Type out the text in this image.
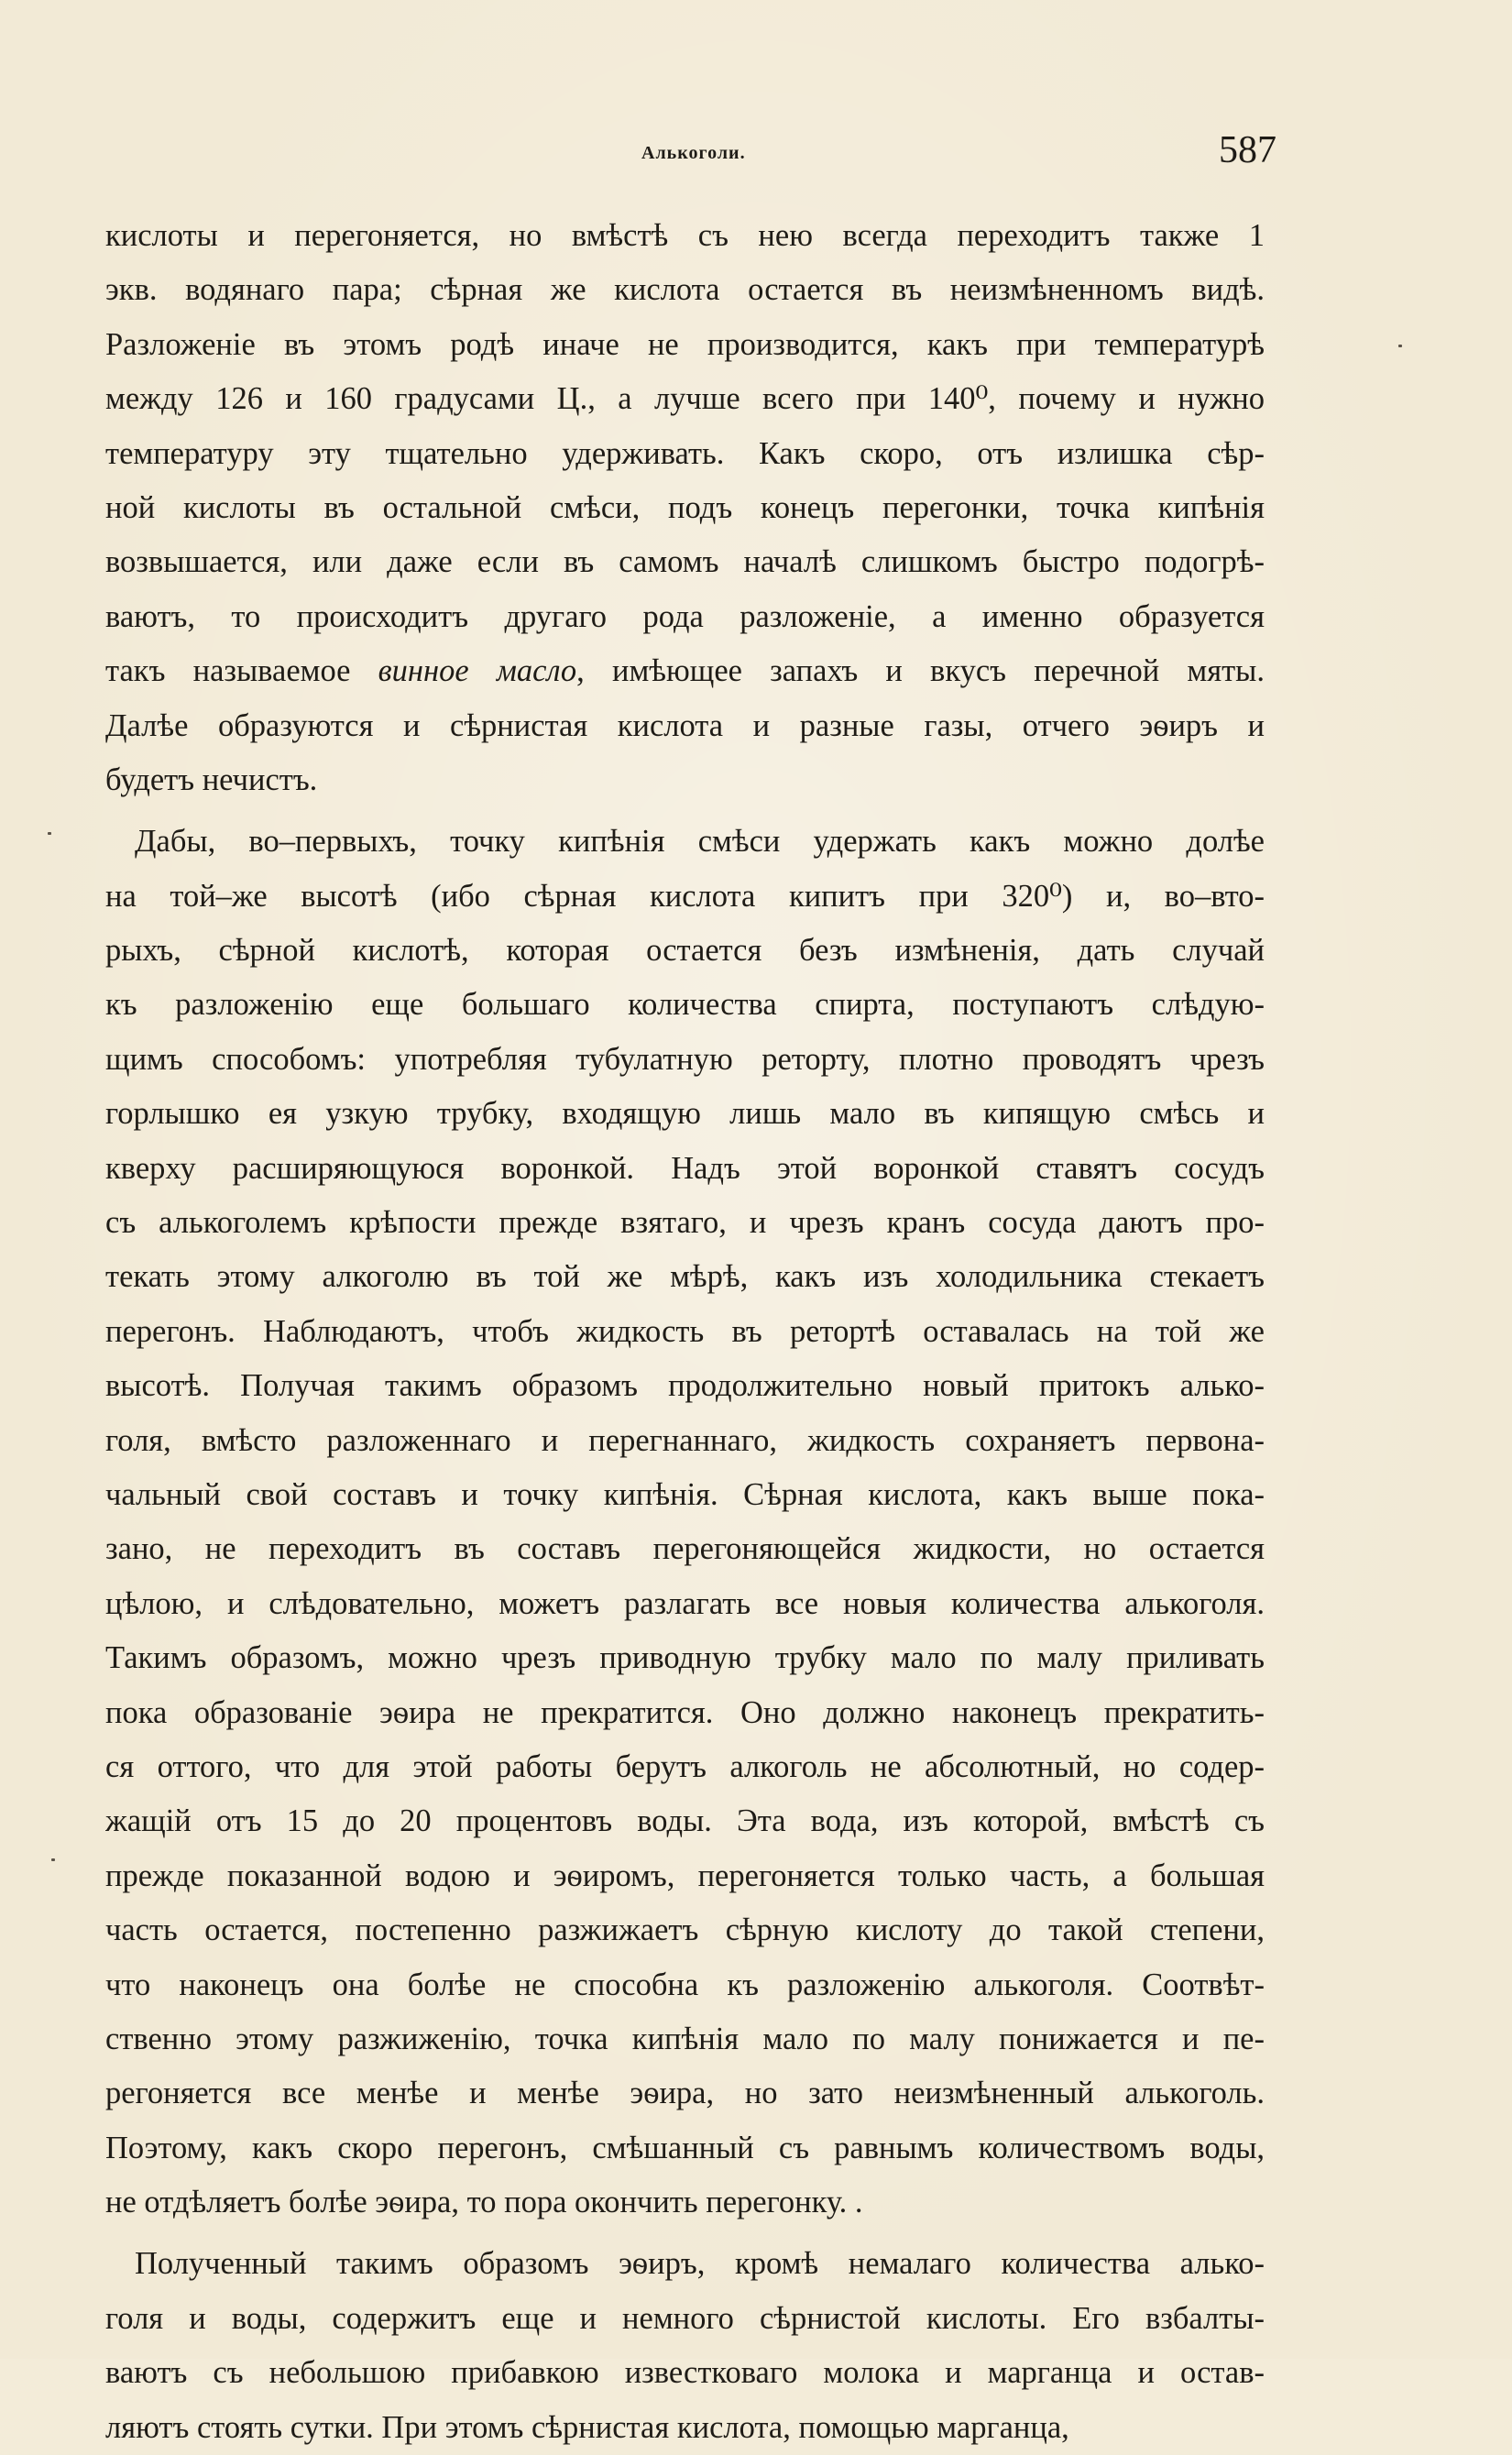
Алькоголи.	587
кислоты и перегоняется, но вмѣстѣ съ нею всегда переходитъ также 1
экв. водянаго пара; сѣрная же кислота остается въ неизмѣненномъ видѣ.
Разложеніе въ этомъ родѣ иначе не производится, какъ при температурѣ
между 126 и 160 градусами Ц., а лучше всего при 140⁰, почему и нужно
температуру эту тщательно удерживать. Какъ скоро, отъ излишка сѣр-
ной кислоты въ остальной смѣси, подъ конецъ перегонки, точка кипѣнія
возвышается, или даже если въ самомъ началѣ слишкомъ быстро подогрѣ-
ваютъ, то происходитъ другаго рода разложеніе, а именно образуется
такъ называемое винное масло, имѣющее запахъ и вкусъ перечной мяты.
Далѣе образуются и сѣрнистая кислота и разные газы, отчего эѳиръ и
будетъ нечистъ.
Дабы, во–первыхъ, точку кипѣнія смѣси удержать какъ можно долѣе
на той–же высотѣ (ибо сѣрная кислота кипитъ при 320⁰) и, во–вто-
рыхъ, сѣрной кислотѣ, которая остается безъ измѣненія, дать случай
къ разложенію еще большаго количества спирта, поступаютъ слѣдую-
щимъ способомъ: употребляя тубулатную реторту, плотно проводятъ чрезъ
горлышко ея узкую трубку, входящую лишь мало въ кипящую смѣсь и
кверху расширяющуюся воронкой. Надъ этой воронкой ставятъ сосудъ
съ алькоголемъ крѣпости прежде взятаго, и чрезъ кранъ сосуда даютъ про-
текать этому алкоголю въ той же мѣрѣ, какъ изъ холодильника стекаетъ
перегонъ. Наблюдаютъ, чтобъ жидкость въ ретортѣ оставалась на той же
высотѣ. Получая такимъ образомъ продолжительно новый притокъ алько-
голя, вмѣсто разложеннаго и перегнаннаго, жидкость сохраняетъ первона-
чальный свой составъ и точку кипѣнія. Сѣрная кислота, какъ выше пока-
зано, не переходитъ въ составъ перегоняющейся жидкости, но остается
цѣлою, и слѣдовательно, можетъ разлагать все новыя количества алькоголя.
Такимъ образомъ, можно чрезъ приводную трубку мало по малу приливать
пока образованіе эѳира не прекратится. Оно должно наконецъ прекратить-
ся оттого, что для этой работы берутъ алкоголь не абсолютный, но содер-
жащій отъ 15 до 20 процентовъ воды. Эта вода, изъ которой, вмѣстѣ съ
прежде показанной водою и эѳиромъ, перегоняется только часть, а большая
часть остается, постепенно разжижаетъ сѣрную кислоту до такой степени,
что наконецъ она болѣе не способна къ разложенію алькоголя. Соотвѣт-
ственно этому разжиженію, точка кипѣнія мало по малу понижается и пе-
регоняется все менѣе и менѣе эѳира, но зато неизмѣненный алькоголь.
Поэтому, какъ скоро перегонъ, смѣшанный съ равнымъ количествомъ воды,
не отдѣляетъ болѣе эѳира, то пора окончить перегонку. .
Полученный такимъ образомъ эѳиръ, кромѣ немалаго количества алько-
голя и воды, содержитъ еще и немного сѣрнистой кислоты. Его взбалты-
ваютъ съ небольшою прибавкою известковаго молока и марганца и остав-
ляютъ стоять сутки. При этомъ сѣрнистая кислота, помощью марганца,
